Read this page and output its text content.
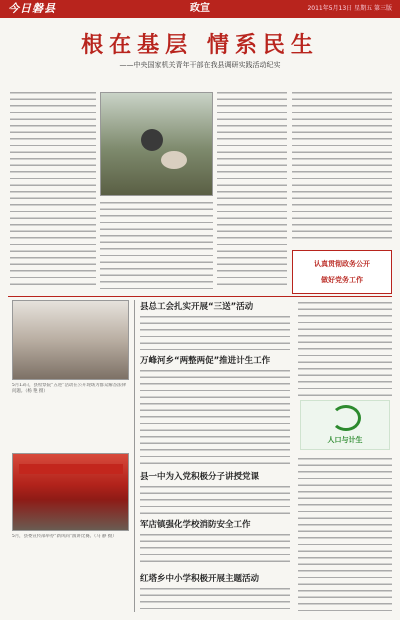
今日磐县	政宣	2011年5月13日 星期五 第三版
根在基层 情系民生
——中央国家机关青年干部在我县调研实践活动纪实
认真贯彻政务公开
做好党务工作
5月13日，县检察院“五进”活动在公开现场为群众解答法律问题。（杨 艳 摄）
5月，县委宣传部举办“新风尚”演讲比赛。（马 静 摄）
县总工会扎实开展“三送”活动
万峰河乡“两整两促”推进计生工作
县一中为入党积极分子讲授党课
军店镇强化学校消防安全工作
红塔乡中小学积极开展主题活动
人口与计生
